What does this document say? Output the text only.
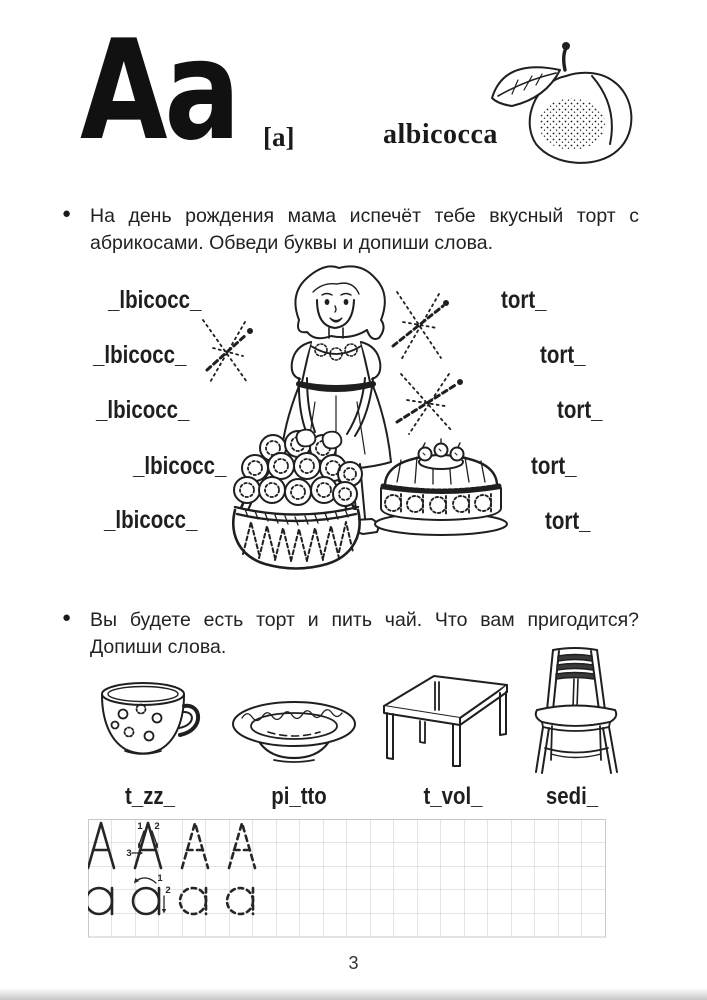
Aa [a]	albicocca
● На день рождения мама испечёт тебе вкусный торт с абрикосами. Обведи буквы и допиши слова.
_lbicocc_
_lbicocc_
_lbicocc_
_lbicocc_
_lbicocc_
tort_
tort_
tort_
tort_
tort_
● Вы будете есть торт и пить чай. Что вам пригодится? Допиши слова.
t_zz_	pi_tto	t_vol_	sedi_
1 2
3
1
2
3
